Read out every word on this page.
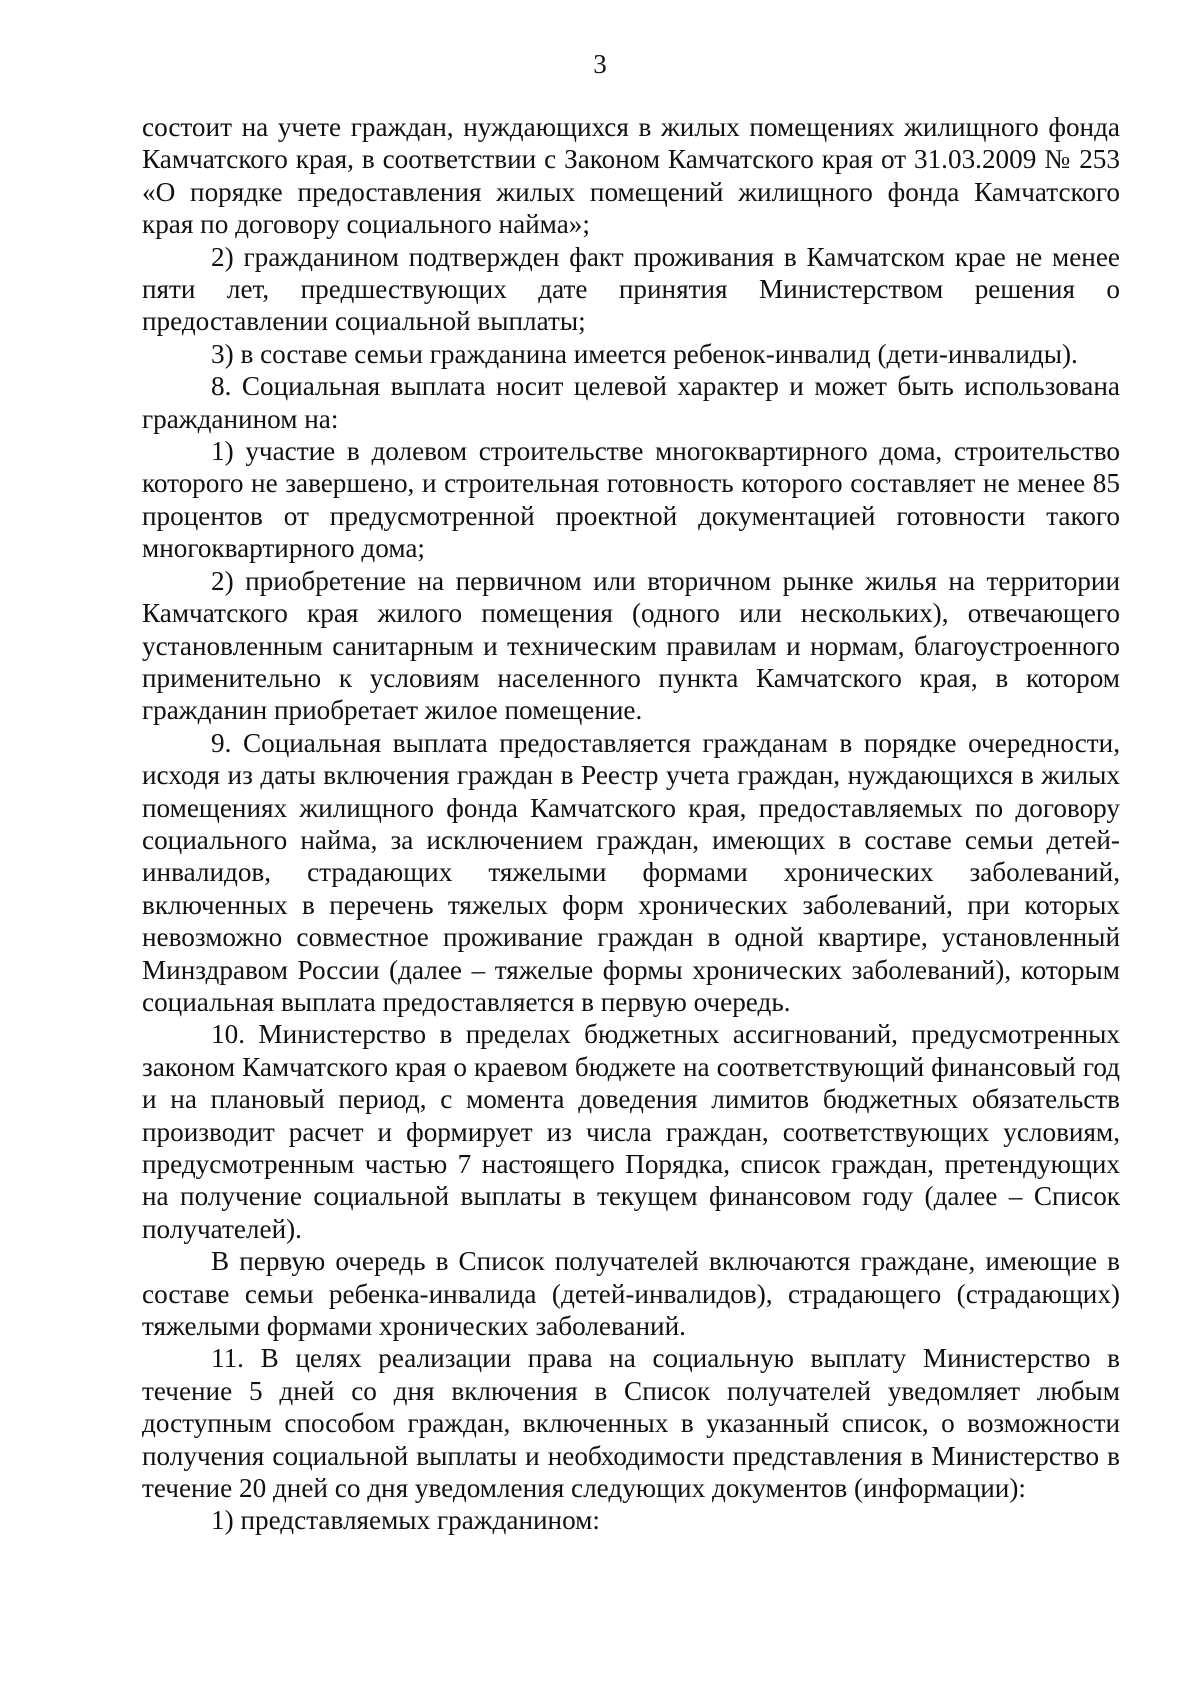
3

состоит на учете граждан, нуждающихся в жилых помещениях жилищного фонда Камчатского края, в соответствии с Законом Камчатского края от 31.03.2009 № 253 «О порядке предоставления жилых помещений жилищного фонда Камчатского края по договору социального найма»;

2) гражданином подтвержден факт проживания в Камчатском крае не менее пяти лет, предшествующих дате принятия Министерством решения о предоставлении социальной выплаты;

3) в составе семьи гражданина имеется ребенок-инвалид (дети-инвалиды).

8. Социальная выплата носит целевой характер и может быть использована гражданином на:

1) участие в долевом строительстве многоквартирного дома, строительство которого не завершено, и строительная готовность которого составляет не менее 85 процентов от предусмотренной проектной документацией готовности такого многоквартирного дома;

2) приобретение на первичном или вторичном рынке жилья на территории Камчатского края жилого помещения (одного или нескольких), отвечающего установленным санитарным и техническим правилам и нормам, благоустроенного применительно к условиям населенного пункта Камчатского края, в котором гражданин приобретает жилое помещение.

9. Социальная выплата предоставляется гражданам в порядке очередности, исходя из даты включения граждан в Реестр учета граждан, нуждающихся в жилых помещениях жилищного фонда Камчатского края, предоставляемых по договору социального найма, за исключением граждан, имеющих в составе семьи детей-инвалидов, страдающих тяжелыми формами хронических заболеваний, включенных в перечень тяжелых форм хронических заболеваний, при которых невозможно совместное проживание граждан в одной квартире, установленный Минздравом России (далее – тяжелые формы хронических заболеваний), которым социальная выплата предоставляется в первую очередь.

10. Министерство в пределах бюджетных ассигнований, предусмотренных законом Камчатского края о краевом бюджете на соответствующий финансовый год и на плановый период, с момента доведения лимитов бюджетных обязательств производит расчет и формирует из числа граждан, соответствующих условиям, предусмотренным частью 7 настоящего Порядка, список граждан, претендующих на получение социальной выплаты в текущем финансовом году (далее – Список получателей).

В первую очередь в Список получателей включаются граждане, имеющие в составе семьи ребенка-инвалида (детей-инвалидов), страдающего (страдающих) тяжелыми формами хронических заболеваний.

11. В целях реализации права на социальную выплату Министерство в течение 5 дней со дня включения в Список получателей уведомляет любым доступным способом граждан, включенных в указанный список, о возможности получения социальной выплаты и необходимости представления в Министерство в течение 20 дней со дня уведомления следующих документов (информации):

1) представляемых гражданином:
